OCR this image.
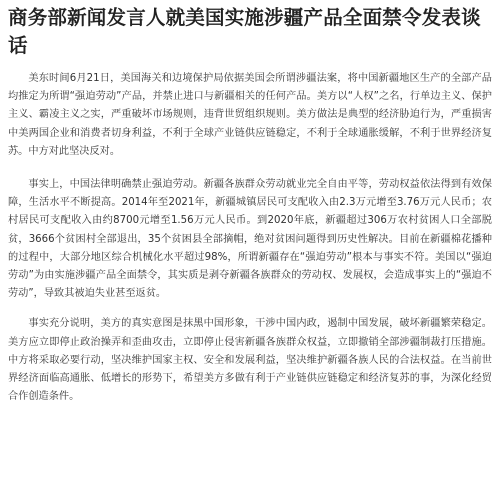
商务部新闻发言人就美国实施涉疆产品全面禁令发表谈话

美东时间6月21日，美国海关和边境保护局依据美国会所谓涉疆法案，将中国新疆地区生产的全部产品均推定为所谓“强迫劳动”产品，并禁止进口与新疆相关的任何产品。美方以“人权”之名，行单边主义、保护主义、霸凌主义之实，严重破坏市场规则，违背世贸组织规则。美方做法是典型的经济胁迫行为，严重损害中美两国企业和消费者切身利益，不利于全球产业链供应链稳定，不利于全球通胀缓解，不利于世界经济复苏。中方对此坚决反对。

事实上，中国法律明确禁止强迫劳动。新疆各族群众劳动就业完全自由平等，劳动权益依法得到有效保障，生活水平不断提高。2014年至2021年，新疆城镇居民可支配收入由2.3万元增至3.76万元人民币；农村居民可支配收入由约8700元增至1.56万元人民币。到2020年底，新疆超过306万农村贫困人口全部脱贫，3666个贫困村全部退出，35个贫困县全部摘帽，绝对贫困问题得到历史性解决。目前在新疆棉花播种的过程中，大部分地区综合机械化水平超过98%，所谓新疆存在“强迫劳动”根本与事实不符。美国以“强迫劳动”为由实施涉疆产品全面禁令，其实质是剥夺新疆各族群众的劳动权、发展权，会造成事实上的“强迫不劳动”，导致其被迫失业甚至返贫。

事实充分说明，美方的真实意图是抹黑中国形象，干涉中国内政，遏制中国发展，破坏新疆繁荣稳定。美方应立即停止政治操弄和歪曲攻击，立即停止侵害新疆各族群众权益，立即撤销全部涉疆制裁打压措施。中方将采取必要行动，坚决维护国家主权、安全和发展利益，坚决维护新疆各族人民的合法权益。在当前世界经济面临高通胀、低增长的形势下，希望美方多做有利于产业链供应链稳定和经济复苏的事，为深化经贸合作创造条件。
